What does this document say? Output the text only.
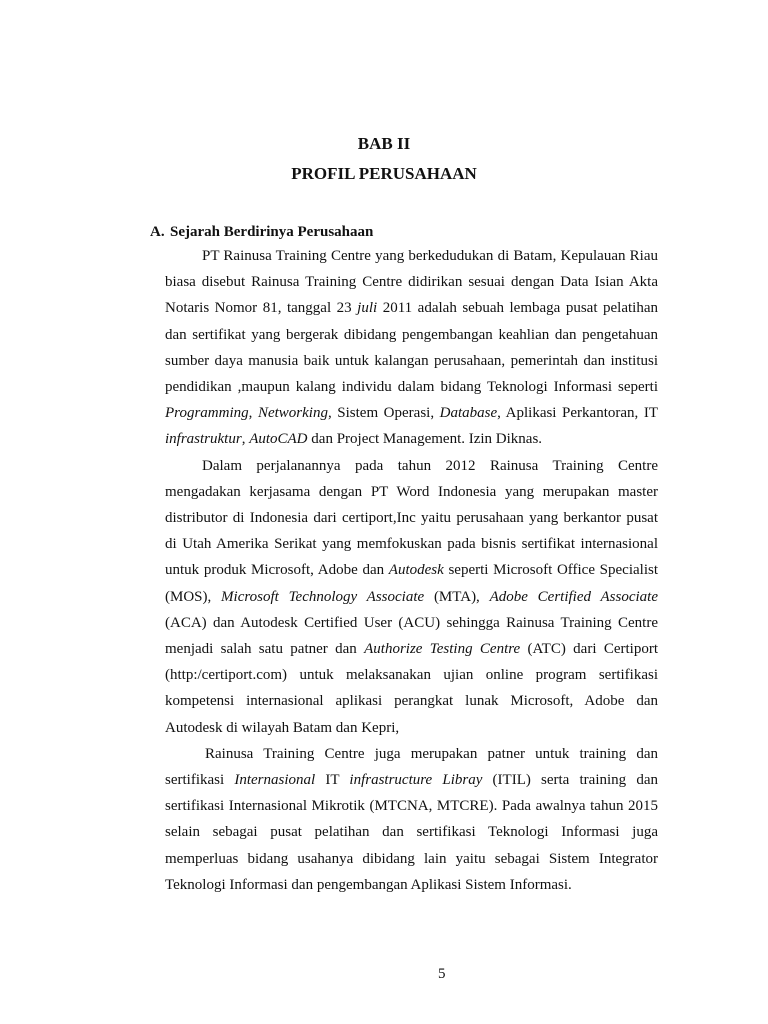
BAB II
PROFIL PERUSAHAAN
A. Sejarah Berdirinya Perusahaan

PT Rainusa Training Centre yang berkedudukan di Batam, Kepulauan Riau biasa disebut Rainusa Training Centre didirikan sesuai dengan Data Isian Akta Notaris Nomor 81, tanggal 23 juli 2011 adalah sebuah lembaga pusat pelatihan dan sertifikat yang bergerak dibidang pengembangan keahlian dan pengetahuan sumber daya manusia baik untuk kalangan perusahaan, pemerintah dan institusi pendidikan ,maupun kalang individu dalam bidang Teknologi Informasi seperti Programming, Networking, Sistem Operasi, Database, Aplikasi Perkantoran, IT infrastruktur, AutoCAD dan Project Management. Izin Diknas.

Dalam perjalanannya pada tahun 2012 Rainusa Training Centre mengadakan kerjasama dengan PT Word Indonesia yang merupakan master distributor di Indonesia dari certiport,Inc yaitu perusahaan yang berkantor pusat di Utah Amerika Serikat yang memfokuskan pada bisnis sertifikat internasional untuk produk Microsoft, Adobe dan Autodesk seperti Microsoft Office Specialist (MOS), Microsoft Technology Associate (MTA), Adobe Certified Associate (ACA) dan Autodesk Certified User (ACU) sehingga Rainusa Training Centre menjadi salah satu patner dan Authorize Testing Centre (ATC) dari Certiport (http:/certiport.com) untuk melaksanakan ujian online program sertifikasi kompetensi internasional aplikasi perangkat lunak Microsoft, Adobe dan Autodesk di wilayah Batam dan Kepri,

Rainusa Training Centre juga merupakan patner untuk training dan sertifikasi Internasional IT infrastructure Libray (ITIL) serta training dan sertifikasi Internasional Mikrotik (MTCNA, MTCRE). Pada awalnya tahun 2015 selain sebagai pusat pelatihan dan sertifikasi Teknologi Informasi juga memperluas bidang usahanya dibidang lain yaitu sebagai Sistem Integrator Teknologi Informasi dan pengembangan Aplikasi Sistem Informasi.

5
